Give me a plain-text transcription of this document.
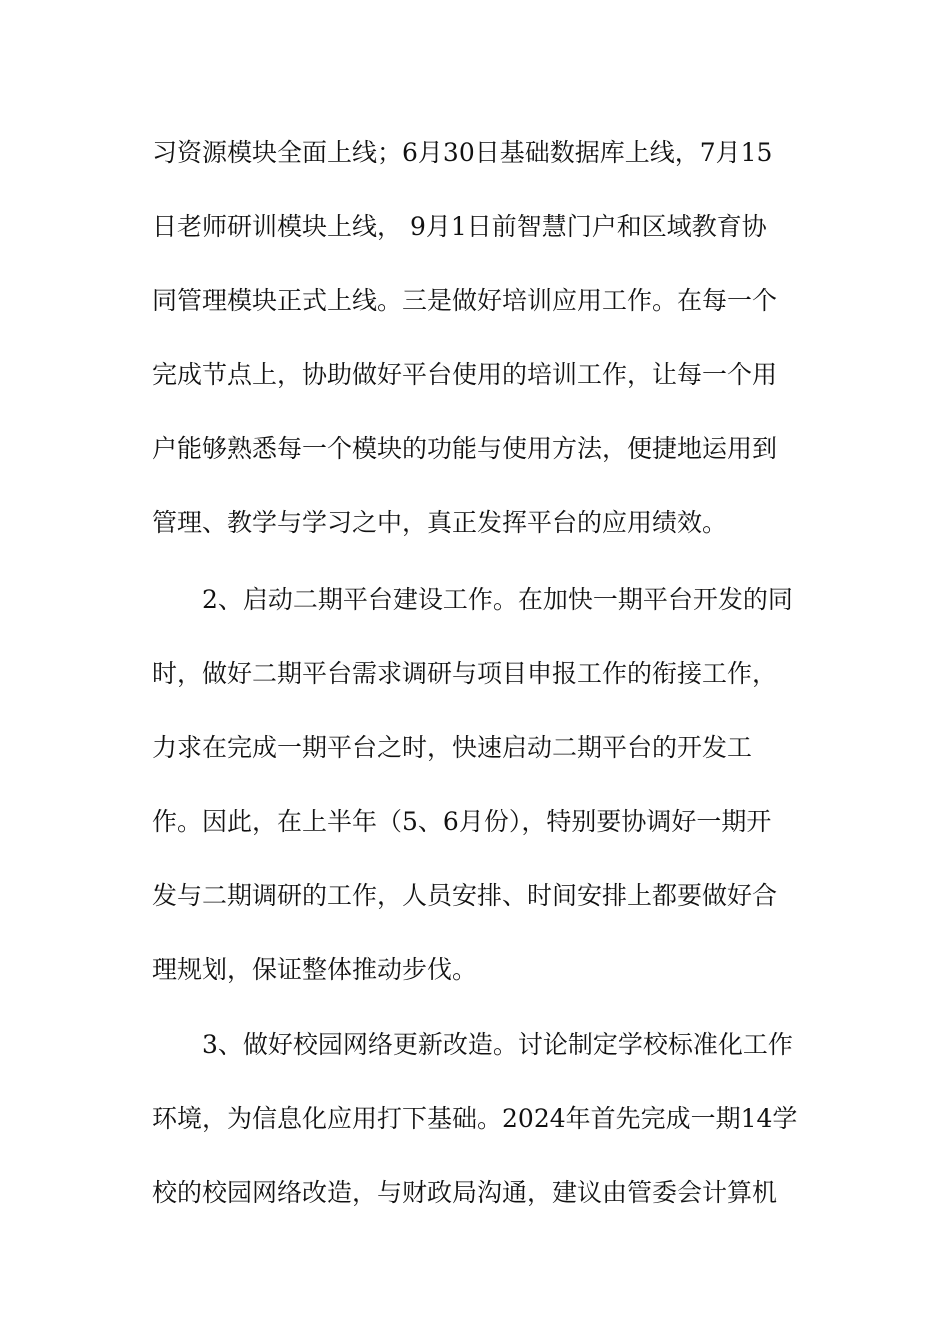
习资源模块全面上线；6月30日基础数据库上线，7月15
日老师研训模块上线， 9月1日前智慧门户和区域教育协
同管理模块正式上线。三是做好培训应用工作。在每一个
完成节点上，协助做好平台使用的培训工作，让每一个用
户能够熟悉每一个模块的功能与使用方法，便捷地运用到
管理、教学与学习之中，真正发挥平台的应用绩效。
2、启动二期平台建设工作。在加快一期平台开发的同
时，做好二期平台需求调研与项目申报工作的衔接工作，
力求在完成一期平台之时，快速启动二期平台的开发工
作。因此，在上半年（5、6月份），特别要协调好一期开
发与二期调研的工作，人员安排、时间安排上都要做好合
理规划，保证整体推动步伐。
3、做好校园网络更新改造。讨论制定学校标准化工作
环境，为信息化应用打下基础。2024年首先完成一期14学
校的校园网络改造，与财政局沟通，建议由管委会计算机
